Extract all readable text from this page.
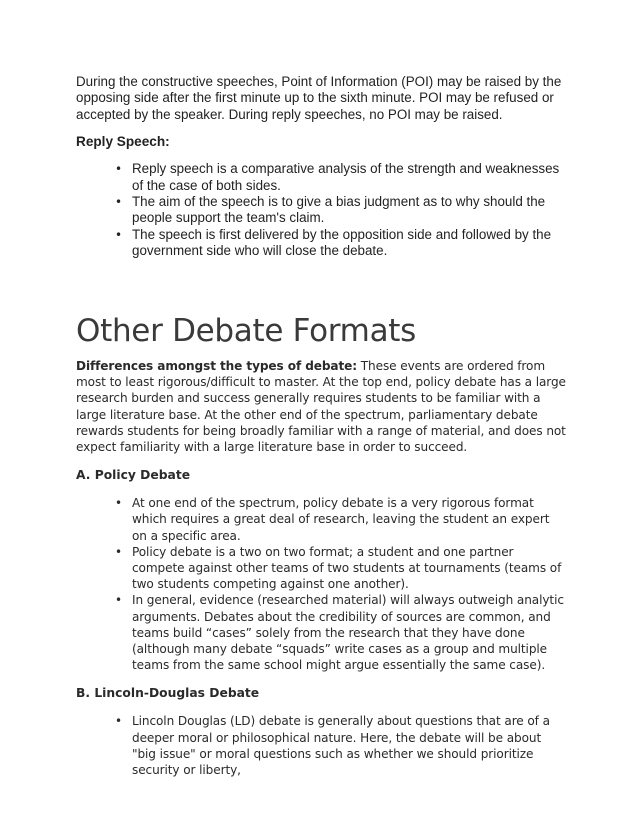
During the constructive speeches, Point of Information (POI) may be raised by the opposing side after the first minute up to the sixth minute. POI may be refused or accepted by the speaker. During reply speeches, no POI may be raised.

Reply Speech:

• Reply speech is a comparative analysis of the strength and weaknesses of the case of both sides.
• The aim of the speech is to give a bias judgment as to why should the people support the team's claim.
• The speech is first delivered by the opposition side and followed by the government side who will close the debate.
Other Debate Formats

Differences amongst the types of debate: These events are ordered from most to least rigorous/difficult to master. At the top end, policy debate has a large research burden and success generally requires students to be familiar with a large literature base. At the other end of the spectrum, parliamentary debate rewards students for being broadly familiar with a range of material, and does not expect familiarity with a large literature base in order to succeed.

A. Policy Debate

• At one end of the spectrum, policy debate is a very rigorous format which requires a great deal of research, leaving the student an expert on a specific area.
• Policy debate is a two on two format; a student and one partner compete against other teams of two students at tournaments (teams of two students competing against one another).
• In general, evidence (researched material) will always outweigh analytic arguments. Debates about the credibility of sources are common, and teams build “cases” solely from the research that they have done (although many debate “squads” write cases as a group and multiple teams from the same school might argue essentially the same case).

B. Lincoln-Douglas Debate

• Lincoln Douglas (LD) debate is generally about questions that are of a deeper moral or philosophical nature. Here, the debate will be about "big issue" or moral questions such as whether we should prioritize security or liberty,
